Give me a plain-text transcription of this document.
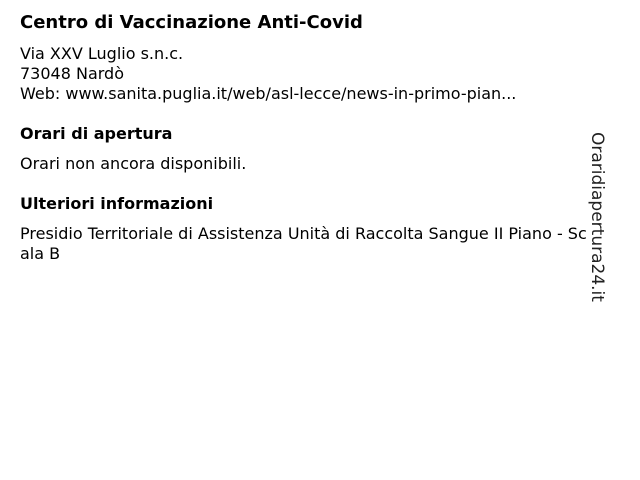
Centro di Vaccinazione Anti-Covid
Via XXV Luglio s.n.c.
73048 Nardò
Web: www.sanita.puglia.it/web/asl-lecce/news-in-primo-pian...
Orari di apertura
Orari non ancora disponibili.
Ulteriori informazioni
Presidio Territoriale di Assistenza Unità di Raccolta Sangue II Piano - Scala B	Oraridiapertura24.it
